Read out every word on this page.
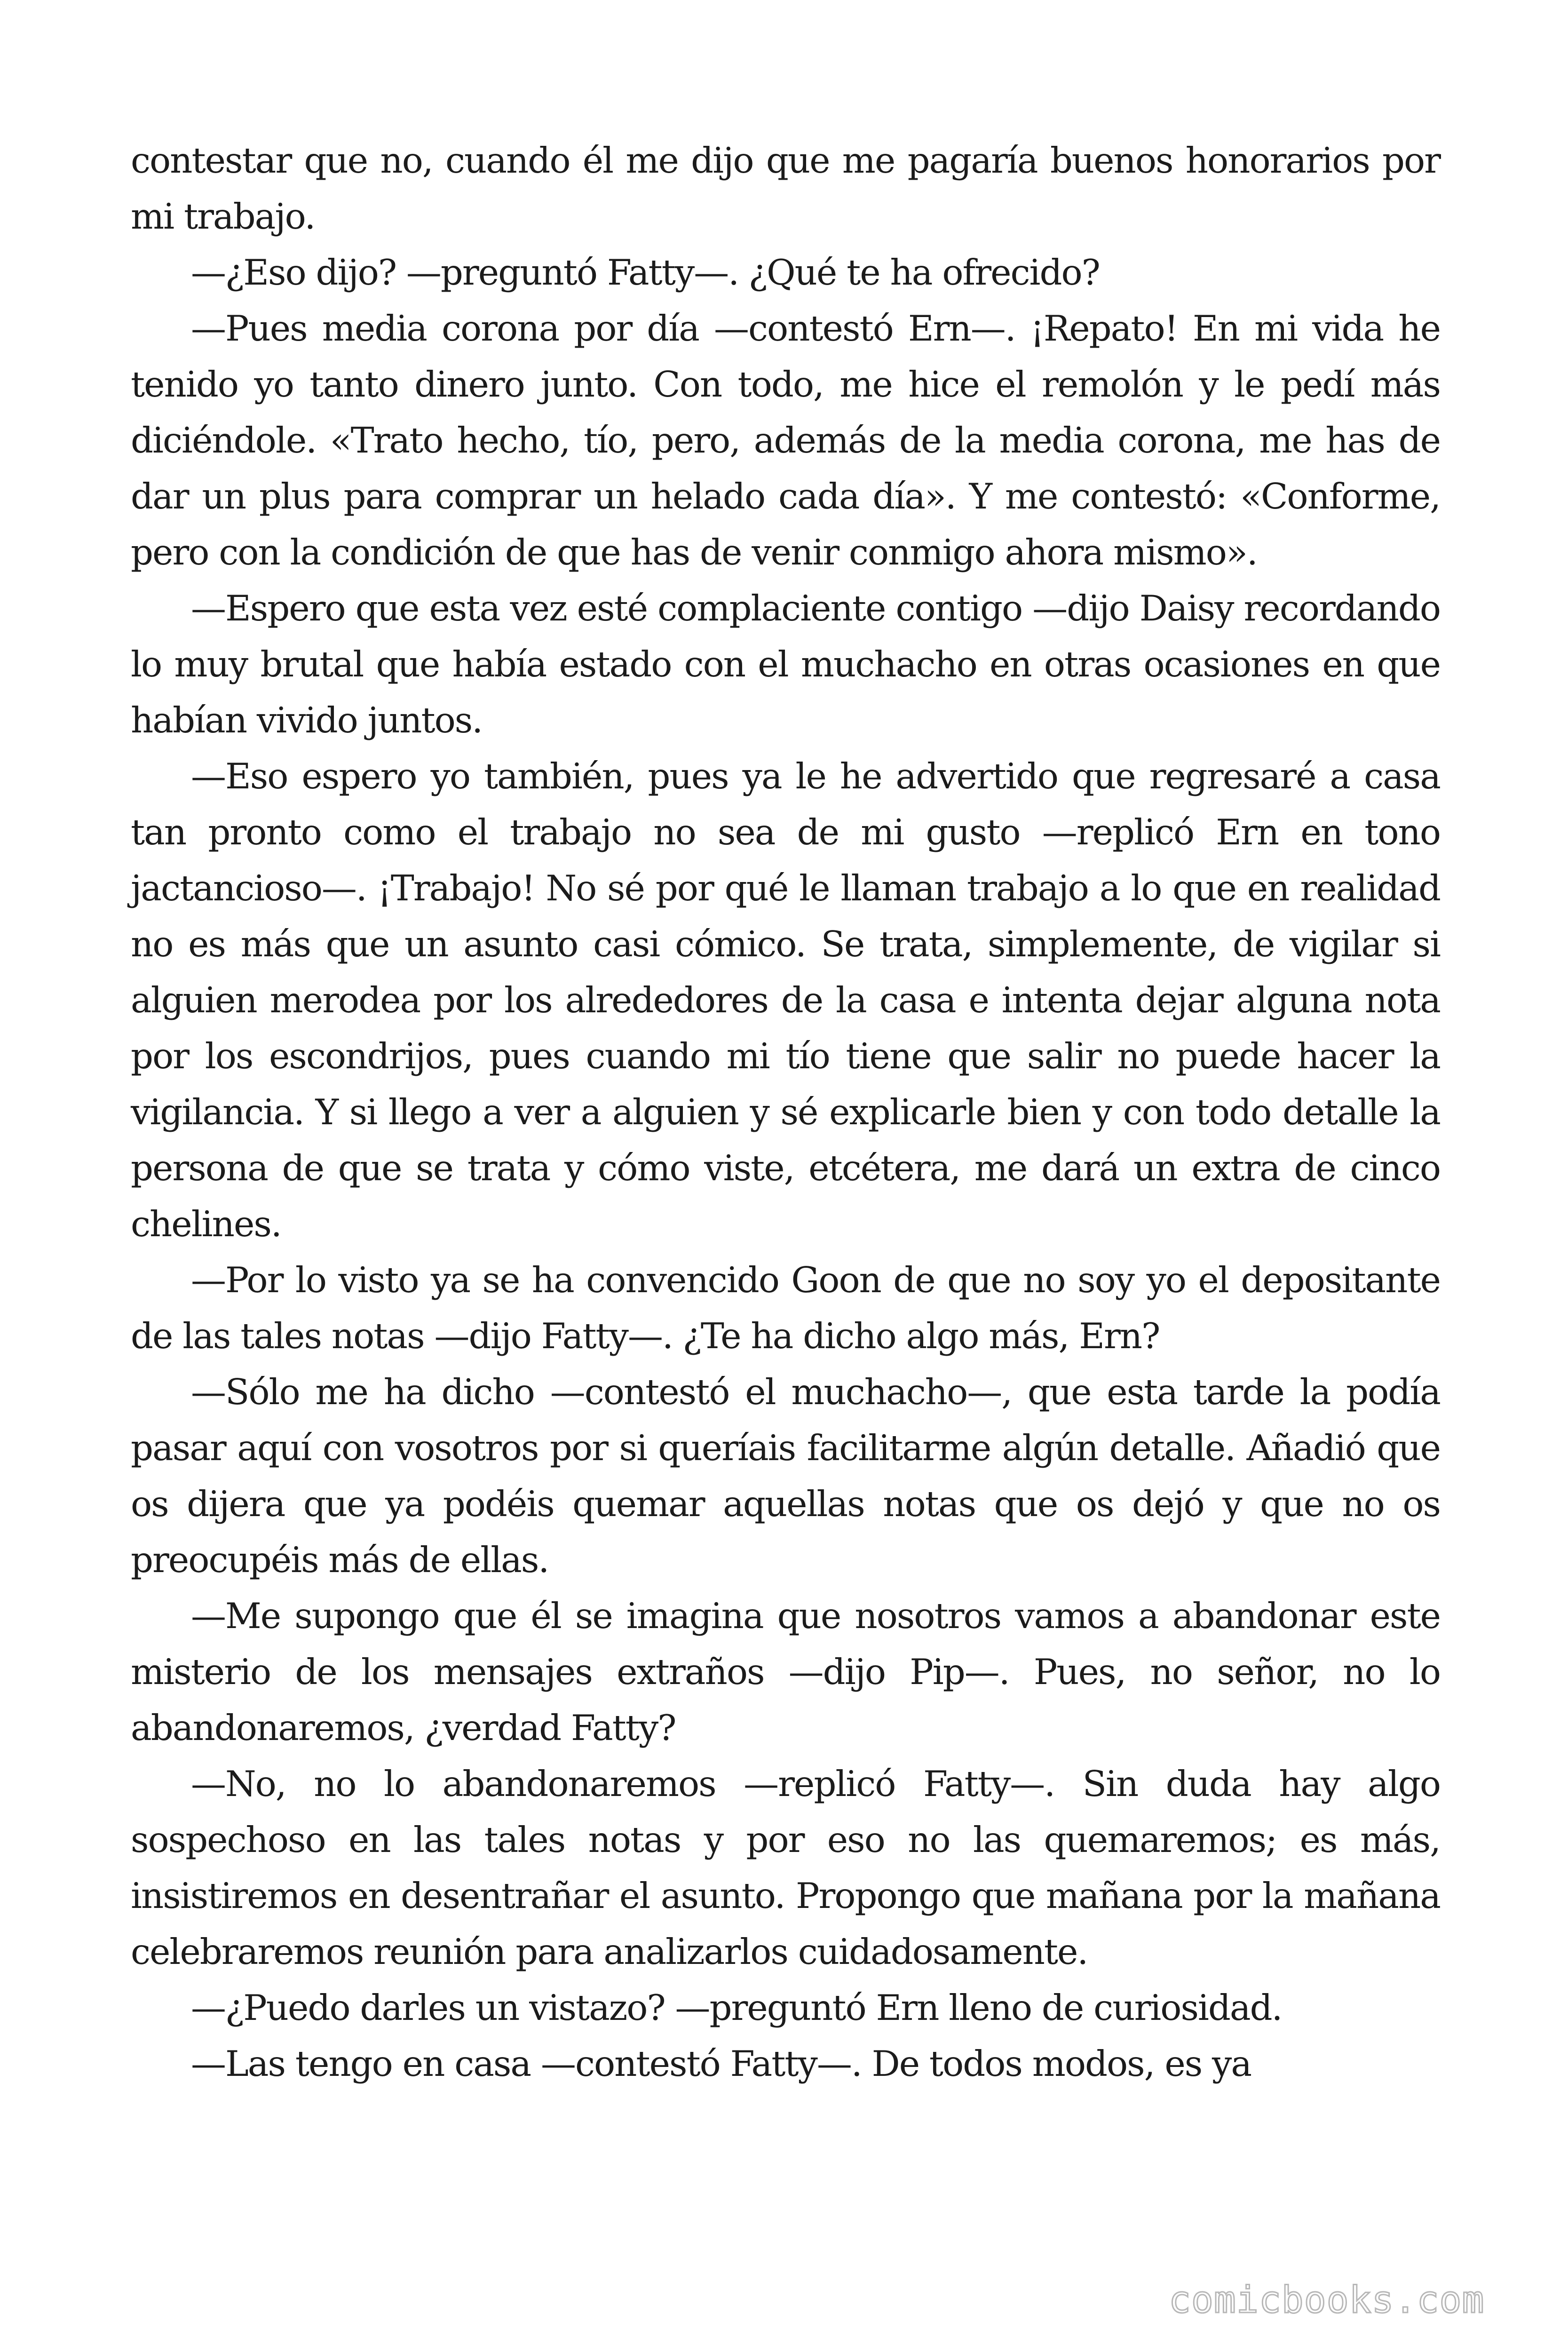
contestar que no, cuando él me dijo que me pagaría buenos honorarios por mi trabajo.

—¿Eso dijo? —preguntó Fatty—. ¿Qué te ha ofrecido?

—Pues media corona por día —contestó Ern—. ¡Repato! En mi vida he tenido yo tanto dinero junto. Con todo, me hice el remolón y le pedí más diciéndole. «Trato hecho, tío, pero, además de la media corona, me has de dar un plus para comprar un helado cada día». Y me contestó: «Conforme, pero con la condición de que has de venir conmigo ahora mismo».

—Espero que esta vez esté complaciente contigo —dijo Daisy recordando lo muy brutal que había estado con el muchacho en otras ocasiones en que habían vivido juntos.

—Eso espero yo también, pues ya le he advertido que regresaré a casa tan pronto como el trabajo no sea de mi gusto —replicó Ern en tono jactancioso—. ¡Trabajo! No sé por qué le llaman trabajo a lo que en realidad no es más que un asunto casi cómico. Se trata, simplemente, de vigilar si alguien merodea por los alrededores de la casa e intenta dejar alguna nota por los escondrijos, pues cuando mi tío tiene que salir no puede hacer la vigilancia. Y si llego a ver a alguien y sé explicarle bien y con todo detalle la persona de que se trata y cómo viste, etcétera, me dará un extra de cinco chelines.

—Por lo visto ya se ha convencido Goon de que no soy yo el depositante de las tales notas —dijo Fatty—. ¿Te ha dicho algo más, Ern?

—Sólo me ha dicho —contestó el muchacho—, que esta tarde la podía pasar aquí con vosotros por si queríais facilitarme algún detalle. Añadió que os dijera que ya podéis quemar aquellas notas que os dejó y que no os preocupéis más de ellas.

—Me supongo que él se imagina que nosotros vamos a abandonar este misterio de los mensajes extraños —dijo Pip—. Pues, no señor, no lo abandonaremos, ¿verdad Fatty?

—No, no lo abandonaremos —replicó Fatty—. Sin duda hay algo sospechoso en las tales notas y por eso no las quemaremos; es más, insistiremos en desentrañar el asunto. Propongo que mañana por la mañana celebraremos reunión para analizarlos cuidadosamente.

—¿Puedo darles un vistazo? —preguntó Ern lleno de curiosidad.

—Las tengo en casa —contestó Fatty—. De todos modos, es ya

comicbooks.com
